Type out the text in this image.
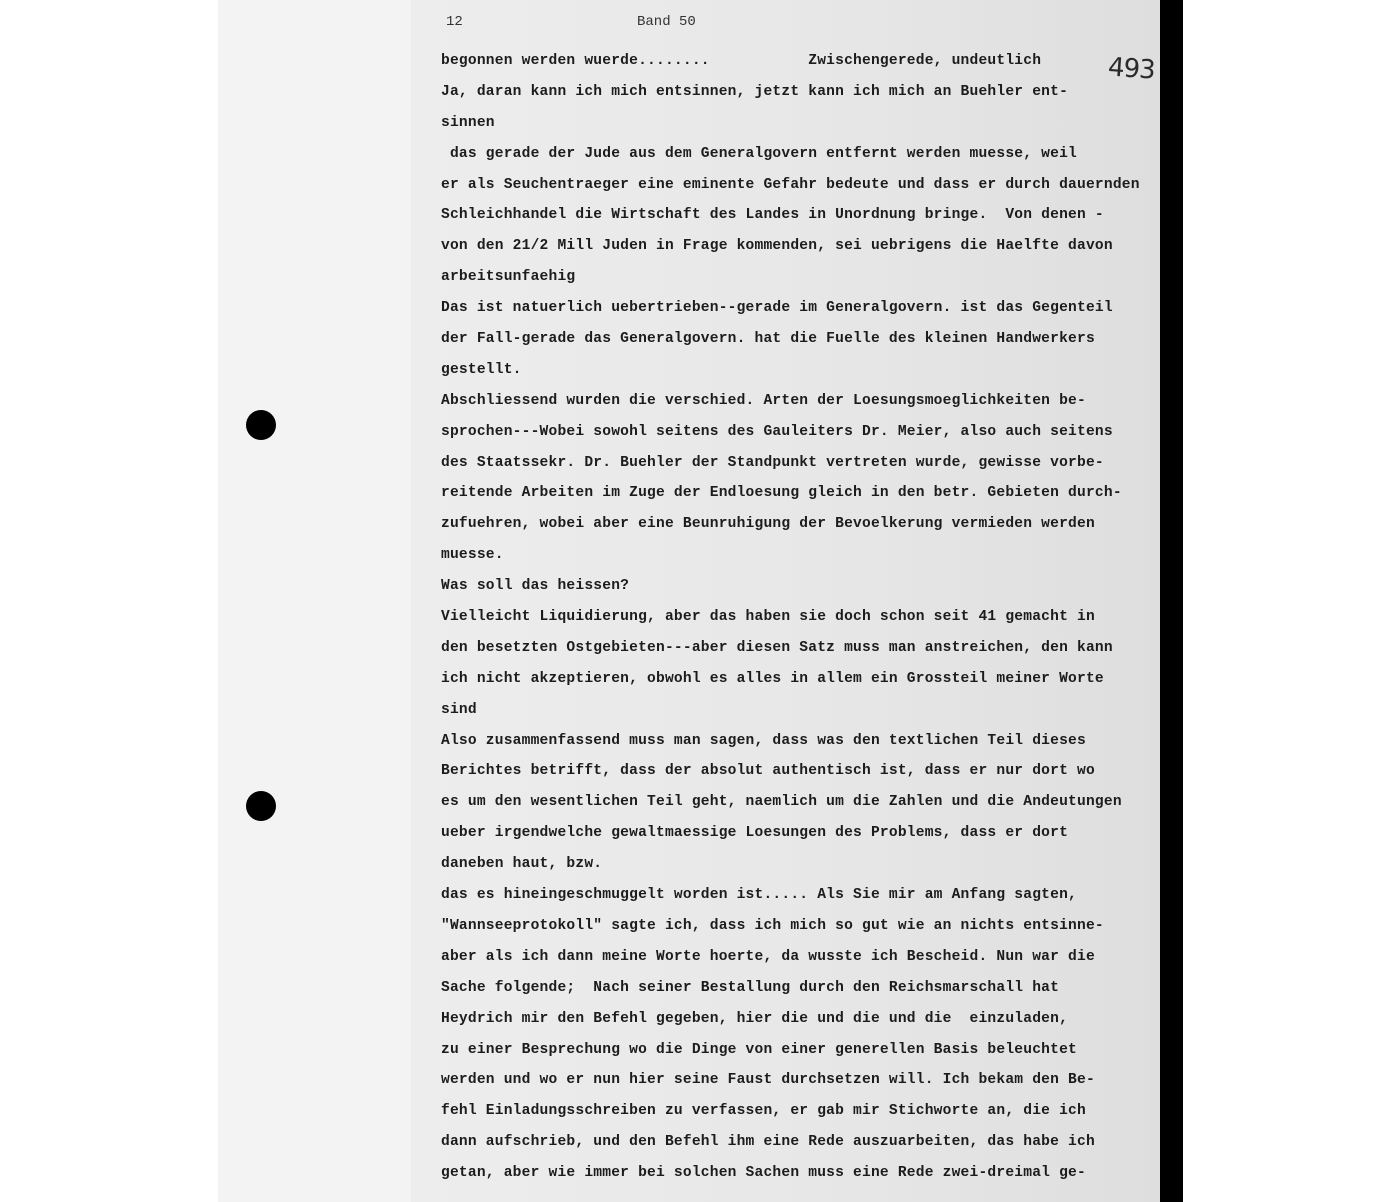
12	Band 50
begonnen werden wuerde........           Zwischengerede, undeutlich
Ja, daran kann ich mich entsinnen, jetzt kann ich mich an Buehler ent-
sinnen
das gerade der Jude aus dem Generalgovern entfernt werden muesse, weil
er als Seuchentraeger eine eminente Gefahr bedeute und dass er durch dauernden
Schleichhandel die Wirtschaft des Landes in Unordnung bringe.  Von denen -
von den 21/2 Mill Juden in Frage kommenden, sei uebrigens die Haelfte davon
arbeitsunfaehig
Das ist natuerlich uebertrieben--gerade im Generalgovern. ist das Gegenteil
der Fall-gerade das Generalgovern. hat die Fuelle des kleinen Handwerkers
gestellt.
Abschliessend wurden die verschied. Arten der Loesungsmoeglichkeiten be-
sprochen---Wobei sowohl seitens des Gauleiters Dr. Meier, also auch seitens
des Staatssekr. Dr. Buehler der Standpunkt vertreten wurde, gewisse vorbe-
reitende Arbeiten im Zuge der Endloesung gleich in den betr. Gebieten durch-
zufuehren, wobei aber eine Beunruhigung der Bevoelkerung vermieden werden
muesse.
Was soll das heissen?
Vielleicht Liquidierung, aber das haben sie doch schon seit 41 gemacht in
den besetzten Ostgebieten---aber diesen Satz muss man anstreichen, den kann
ich nicht akzeptieren, obwohl es alles in allem ein Grossteil meiner Worte
sind
Also zusammenfassend muss man sagen, dass was den textlichen Teil dieses
Berichtes betrifft, dass der absolut authentisch ist, dass er nur dort wo
es um den wesentlichen Teil geht, naemlich um die Zahlen und die Andeutungen
ueber irgendwelche gewaltmaessige Loesungen des Problems, dass er dort
daneben haut, bzw.
das es hineingeschmuggelt worden ist..... Als Sie mir am Anfang sagten,
"Wannseeprotokoll" sagte ich, dass ich mich so gut wie an nichts entsinne-
aber als ich dann meine Worte hoerte, da wusste ich Bescheid. Nun war die
Sache folgende;  Nach seiner Bestallung durch den Reichsmarschall hat
Heydrich mir den Befehl gegeben, hier die und die und die  einzuladen,
zu einer Besprechung wo die Dinge von einer generellen Basis beleuchtet
werden und wo er nun hier seine Faust durchsetzen will. Ich bekam den Be-
fehl Einladungsschreiben zu verfassen, er gab mir Stichworte an, die ich
dann aufschrieb, und den Befehl ihm eine Rede auszuarbeiten, das habe ich
getan, aber wie immer bei solchen Sachen muss eine Rede zwei-dreimal ge-
493
